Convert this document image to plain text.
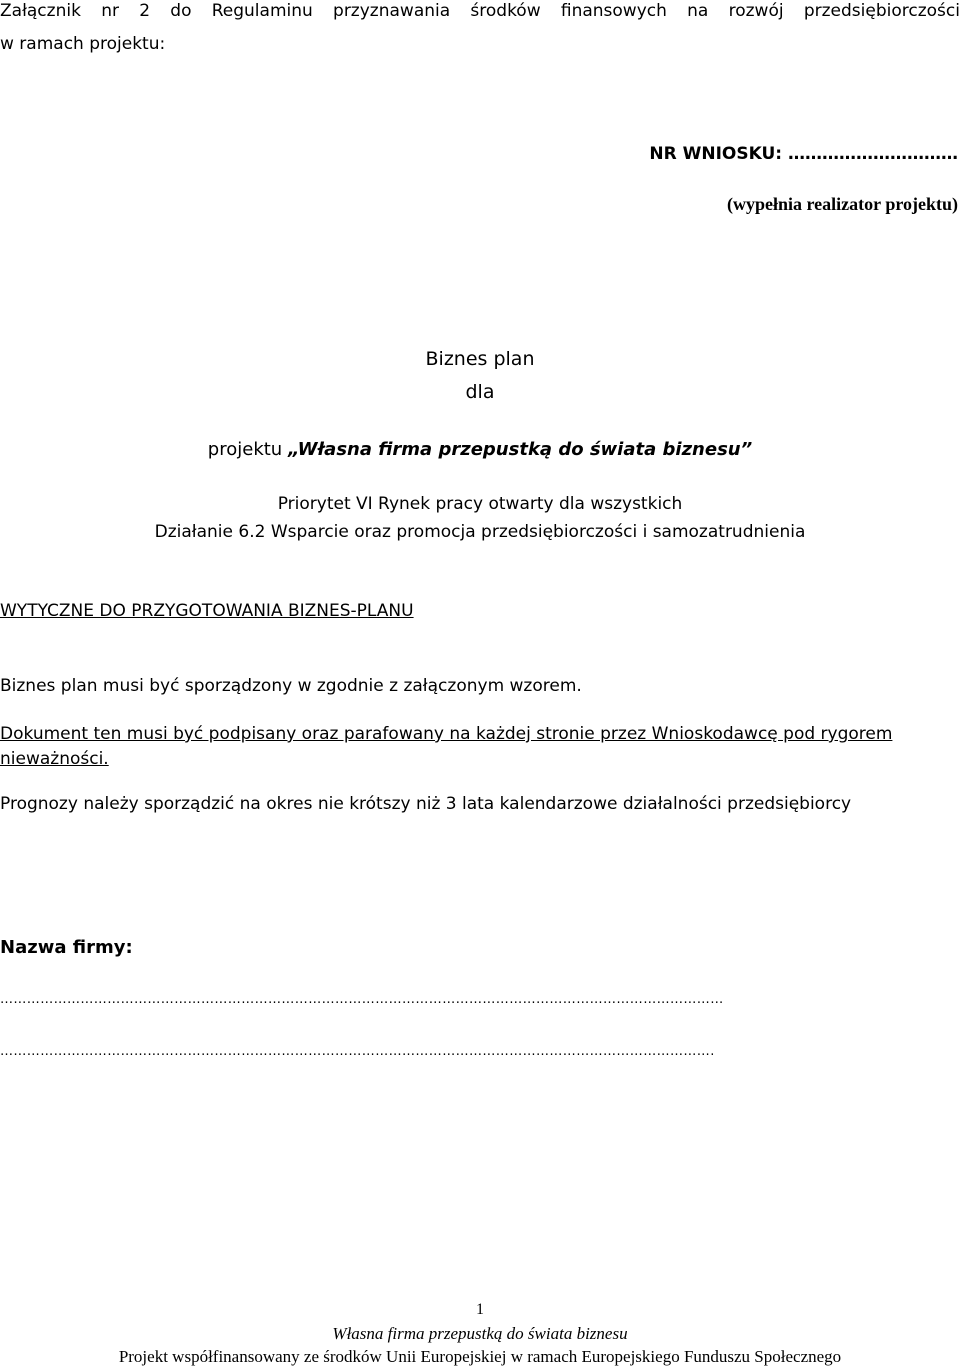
Załącznik nr 2 do Regulaminu przyznawania środków finansowych na rozwój przedsiębiorczości
w ramach projektu:
NR WNIOSKU: …………………………
(wypełnia realizator projektu)
Biznes plan
dla
projektu „Własna firma przepustką do świata biznesu”
Priorytet VI Rynek pracy otwarty dla wszystkich
Działanie 6.2 Wsparcie oraz promocja przedsiębiorczości i samozatrudnienia
WYTYCZNE DO PRZYGOTOWANIA BIZNES-PLANU
Biznes plan musi być sporządzony w zgodnie z załączonym wzorem.
Dokument ten musi być podpisany oraz parafowany na każdej stronie przez Wnioskodawcę pod rygorem nieważności.
Prognozy należy sporządzić na okres nie krótszy niż 3 lata kalendarzowe działalności przedsiębiorcy
Nazwa firmy:
………………………………………………………………………………………………………………………………………………
…………………………………………………………………………………………………………………………………………….
1
Własna firma przepustką do świata biznesu
Projekt współfinansowany ze środków Unii Europejskiej w ramach Europejskiego Funduszu Społecznego
